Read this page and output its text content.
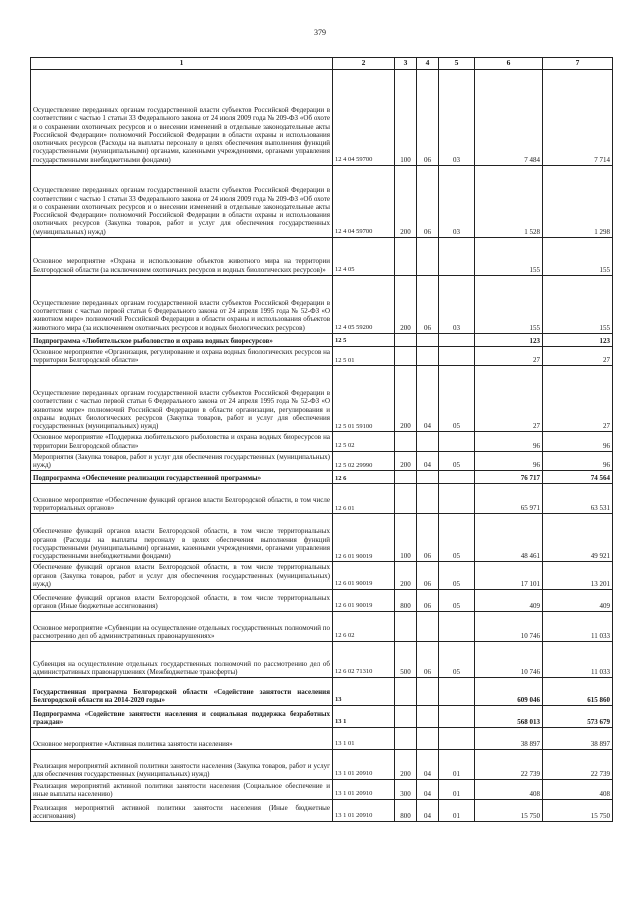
379
1	2	3	4	5	6	7
Осуществление переданных органам государственной власти субъектов Российской Федерации в соответствии с частью 1 статьи 33 Федерального закона от 24 июля 2009 года № 209-ФЗ «Об охоте и о сохранении охотничьих ресурсов и о внесении изменений в отдельные законодательные акты Российской Федерации» полномочий Российской Федерации в области охраны и использования охотничьих ресурсов (Расходы на выплаты персоналу в целях обеспечения выполнения функций государственными (муниципальными) органами, казенными учреждениями, органами управления государственными внебюджетными фондами)	12 4 04 59700	100	06	03	7 484	7 714
Осуществление переданных органам государственной власти субъектов Российской Федерации в соответствии с частью 1 статьи 33 Федерального закона от 24 июля 2009 года № 209-ФЗ «Об охоте и о сохранении охотничьих ресурсов и о внесении изменений в отдельные законодательные акты Российской Федерации» полномочий Российской Федерации в области охраны и использования охотничьих ресурсов (Закупка товаров, работ и услуг для обеспечения государственных (муниципальных) нужд)	12 4 04 59700	200	06	03	1 528	1 298
Основное мероприятие «Охрана и использование объектов животного мира на территории Белгородской области (за исключением охотничьих ресурсов и водных биологических ресурсов)»	12 4 05				155	155
Осуществление переданных органам государственной власти субъектов Российской Федерации в соответствии с частью первой статьи 6 Федерального закона от 24 апреля 1995 года № 52-ФЗ «О животном мире» полномочий Российской Федерации в области охраны и использования объектов животного мира (за исключением охотничьих ресурсов и водных биологических ресурсов)	12 4 05 59200	200	06	03	155	155
Подпрограмма «Любительское рыболовство и охрана водных биоресурсов»	12 5				123	123
Основное мероприятие «Организация, регулирование и охрана водных биологических ресурсов на территории Белгородской области»	12 5 01				27	27
Осуществление переданных органам государственной власти субъектов Российской Федерации в соответствии с частью первой статьи 6 Федерального закона от 24 апреля 1995 года № 52-ФЗ «О животном мире» полномочий Российской Федерации в области организации, регулирования и охраны водных биологических ресурсов (Закупка товаров, работ и услуг для обеспечения государственных (муниципальных) нужд)	12 5 01 59100	200	04	05	27	27
Основное мероприятие «Поддержка любительского рыболовства и охрана водных биоресурсов на территории Белгородской области»	12 5 02				96	96
Мероприятия (Закупка товаров, работ и услуг для обеспечения государственных (муниципальных) нужд)	12 5 02 29990	200	04	05	96	96
Подпрограмма «Обеспечение реализации государственной программы»	12 6				76 717	74 564
Основное мероприятие «Обеспечение функций органов власти Белгородской области, в том числе территориальных органов»	12 6 01				65 971	63 531
Обеспечение функций органов власти Белгородской области, в том числе территориальных органов (Расходы на выплаты персоналу в целях обеспечения выполнения функций государственными (муниципальными) органами, казенными учреждениями, органами управления государственными внебюджетными фондами)	12 6 01 90019	100	06	05	48 461	49 921
Обеспечение функций органов власти Белгородской области, в том числе территориальных органов (Закупка товаров, работ и услуг для обеспечения государственных (муниципальных) нужд)	12 6 01 90019	200	06	05	17 101	13 201
Обеспечение функций органов власти Белгородской области, в том числе территориальных органов (Иные бюджетные ассигнования)	12 6 01 90019	800	06	05	409	409
Основное мероприятие «Субвенции на осуществление отдельных государственных полномочий по рассмотрению дел об административных правонарушениях»	12 6 02				10 746	11 033
Субвенция на осуществление отдельных государственных полномочий по рассмотрению дел об административных правонарушениях (Межбюджетные трансферты)	12 6 02 71310	500	06	05	10 746	11 033
Государственная программа Белгородской области «Содействие занятости населения Белгородской области на 2014-2020 годы»	13				609 046	615 860
Подпрограмма «Содействие занятости населения и социальная поддержка безработных граждан»	13 1				568 013	573 679
Основное мероприятие «Активная политика занятости населения»	13 1 01				38 897	38 897
Реализация мероприятий активной политики занятости населения (Закупка товаров, работ и услуг для обеспечения государственных (муниципальных) нужд)	13 1 01 20910	200	04	01	22 739	22 739
Реализация мероприятий активной политики занятости населения (Социальное обеспечение и иные выплаты населению)	13 1 01 20910	300	04	01	408	408
Реализация мероприятий активной политики занятости населения (Иные бюджетные ассигнования)	13 1 01 20910	800	04	01	15 750	15 750
